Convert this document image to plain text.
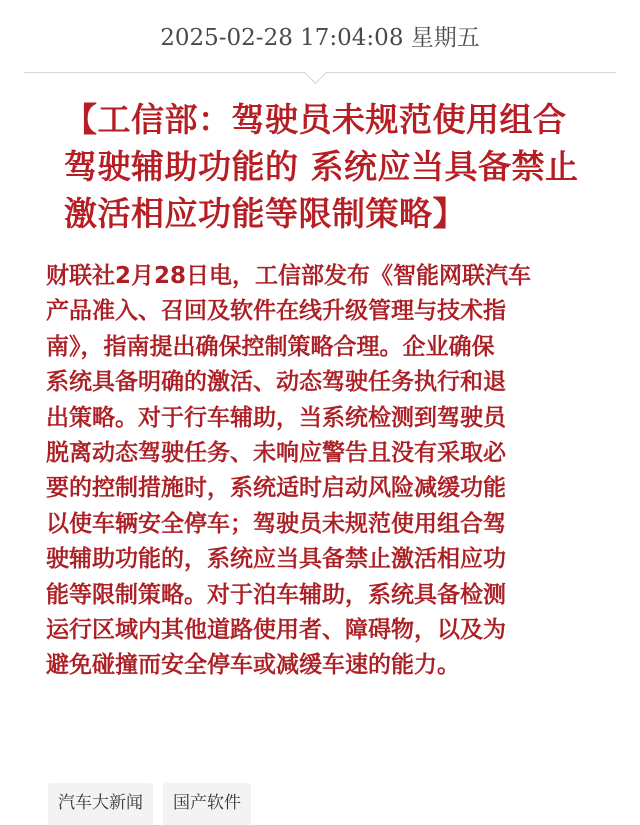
2025-02-28 17:04:08 星期五
【工信部：驾驶员未规范使用组合
驾驶辅助功能的 系统应当具备禁止
激活相应功能等限制策略】
财联社2月28日电，工信部发布《智能网联汽车
产品准入、召回及软件在线升级管理与技术指
南》，指南提出确保控制策略合理。企业确保
系统具备明确的激活、动态驾驶任务执行和退
出策略。对于行车辅助，当系统检测到驾驶员
脱离动态驾驶任务、未响应警告且没有采取必
要的控制措施时，系统适时启动风险减缓功能
以使车辆安全停车；驾驶员未规范使用组合驾
驶辅助功能的，系统应当具备禁止激活相应功
能等限制策略。对于泊车辅助，系统具备检测
运行区域内其他道路使用者、障碍物，以及为
避免碰撞而安全停车或减缓车速的能力。
汽车大新闻	国产软件
